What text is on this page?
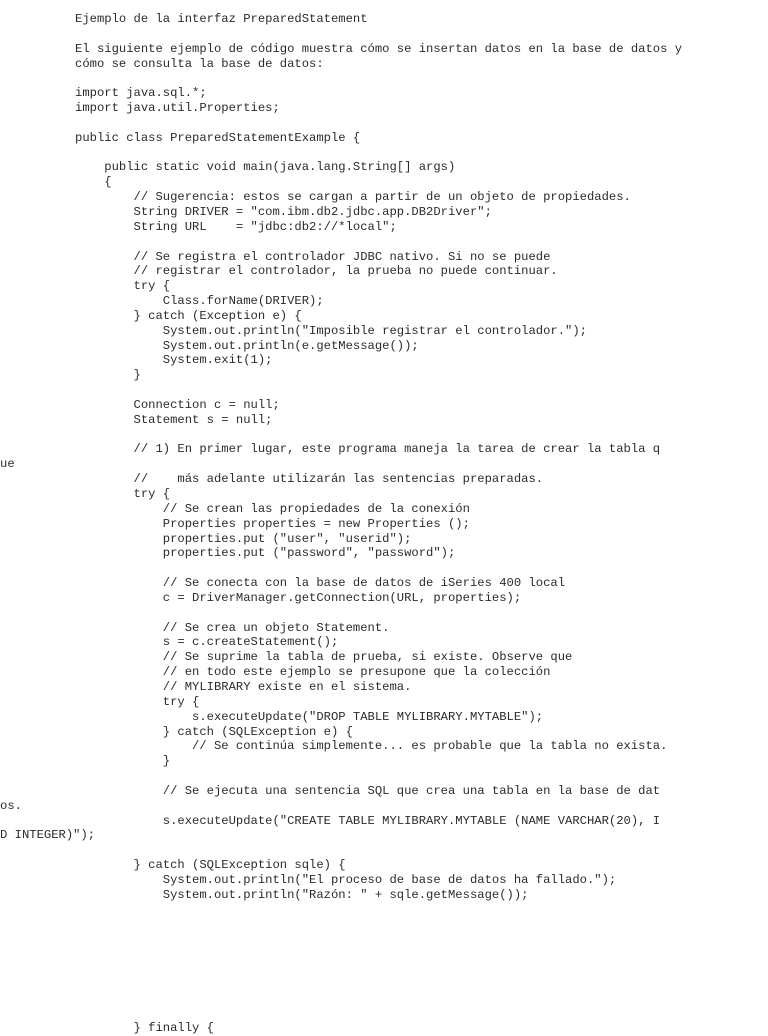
Ejemplo de la interfaz PreparedStatement
El siguiente ejemplo de código muestra cómo se insertan datos en la base de datos y
cómo se consulta la base de datos:
import java.sql.*;
import java.util.Properties;
public class PreparedStatementExample {
public static void main(java.lang.String[] args)
{
// Sugerencia: estos se cargan a partir de un objeto de propiedades.
String DRIVER = "com.ibm.db2.jdbc.app.DB2Driver";
String URL    = "jdbc:db2://*local";
// Se registra el controlador JDBC nativo. Si no se puede
// registrar el controlador, la prueba no puede continuar.
try {
Class.forName(DRIVER);
} catch (Exception e) {
System.out.println("Imposible registrar el controlador.");
System.out.println(e.getMessage());
System.exit(1);
}
Connection c = null;
Statement s = null;
// 1) En primer lugar, este programa maneja la tarea de crear la tabla q
ue
//    más adelante utilizarán las sentencias preparadas.
try {
// Se crean las propiedades de la conexión
Properties properties = new Properties ();
properties.put ("user", "userid");
properties.put ("password", "password");
// Se conecta con la base de datos de iSeries 400 local
c = DriverManager.getConnection(URL, properties);
// Se crea un objeto Statement.
s = c.createStatement();
// Se suprime la tabla de prueba, si existe. Observe que
// en todo este ejemplo se presupone que la colección
// MYLIBRARY existe en el sistema.
try {
s.executeUpdate("DROP TABLE MYLIBRARY.MYTABLE");
} catch (SQLException e) {
// Se continúa simplemente... es probable que la tabla no exista.
}
// Se ejecuta una sentencia SQL que crea una tabla en la base de dat
os.
s.executeUpdate("CREATE TABLE MYLIBRARY.MYTABLE (NAME VARCHAR(20), I
D INTEGER)");
} catch (SQLException sqle) {
System.out.println("El proceso de base de datos ha fallado.");
System.out.println("Razón: " + sqle.getMessage());
} finally {
